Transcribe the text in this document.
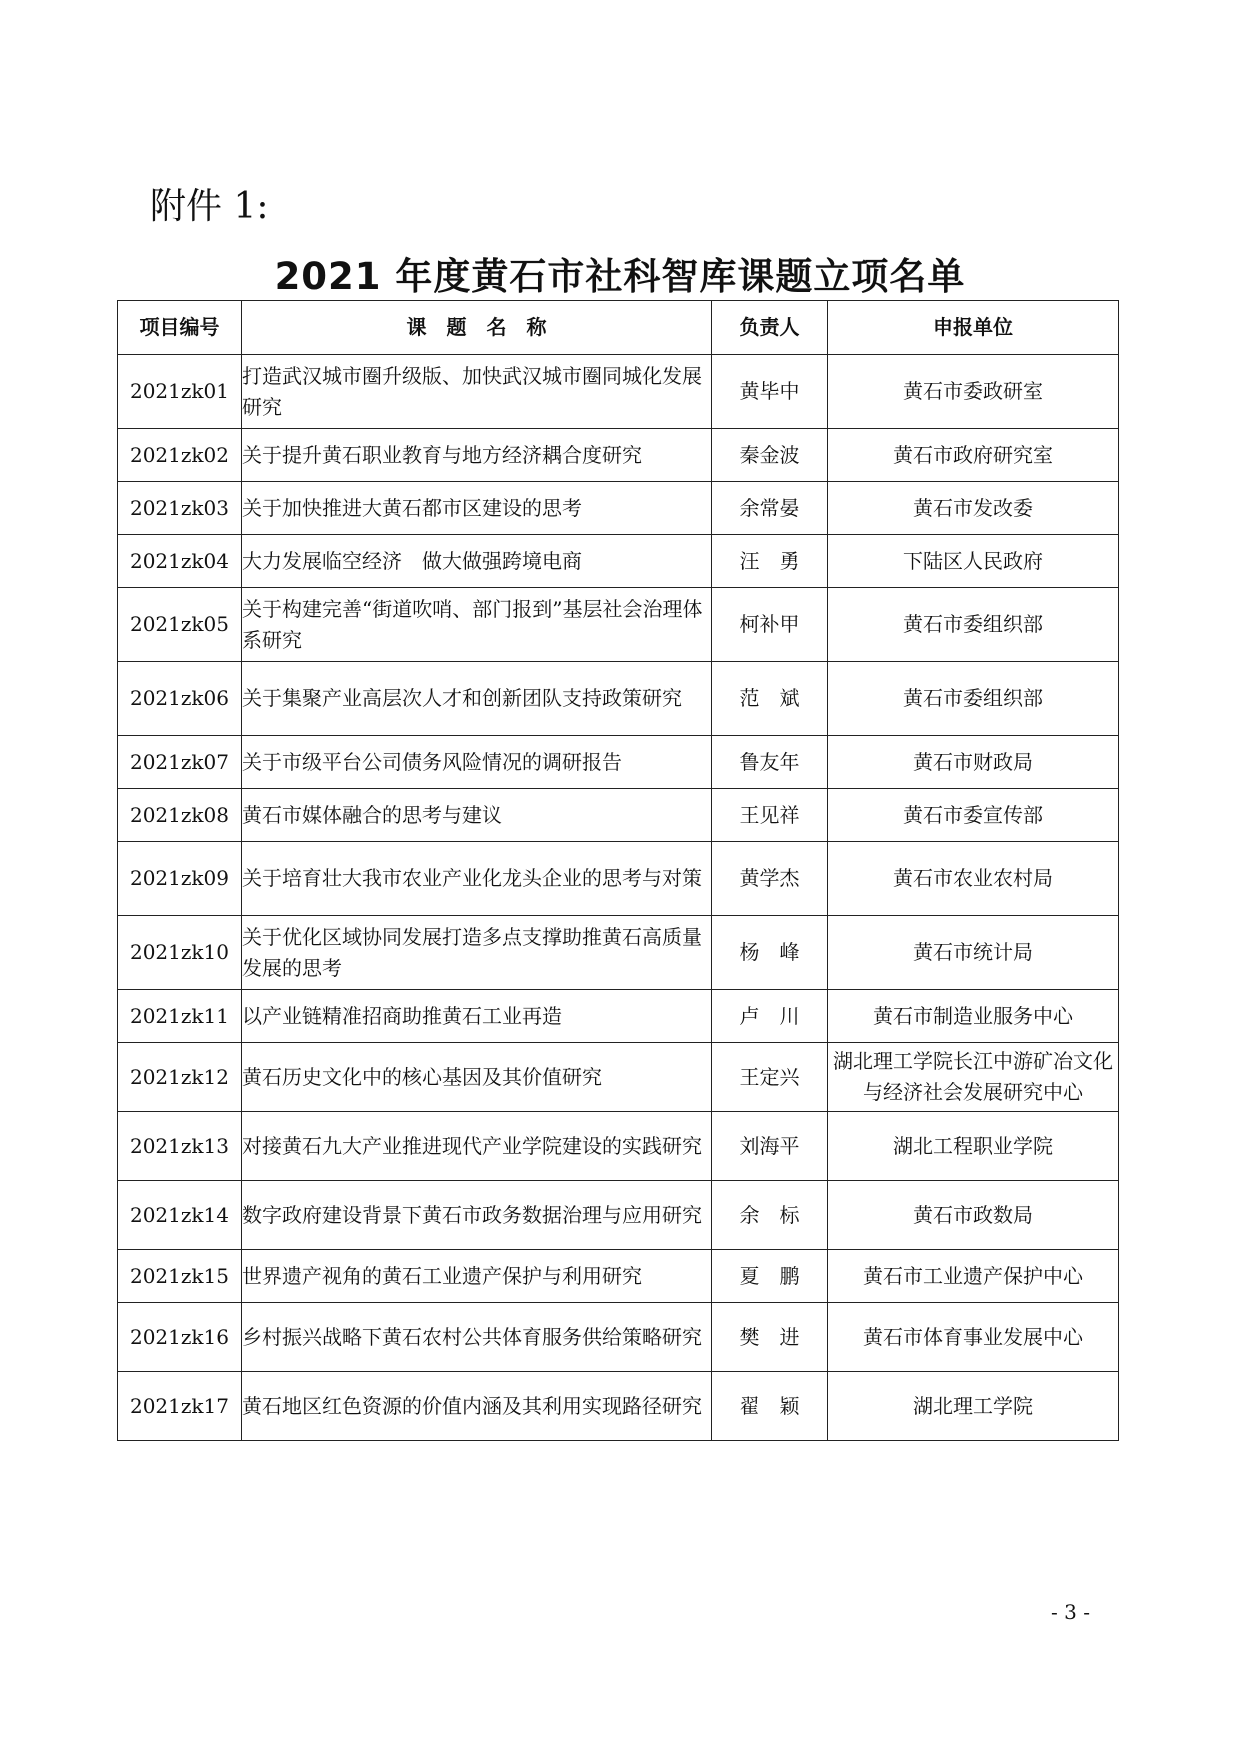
附件 1:
2021 年度黄石市社科智库课题立项名单
项目编号	课　题　名　称	负责人	申报单位
2021zk01	打造武汉城市圈升级版、加快武汉城市圈同城化发展研究	黄毕中	黄石市委政研室
2021zk02	关于提升黄石职业教育与地方经济耦合度研究	秦金波	黄石市政府研究室
2021zk03	关于加快推进大黄石都市区建设的思考	余常晏	黄石市发改委
2021zk04	大力发展临空经济　做大做强跨境电商	汪　勇	下陆区人民政府
2021zk05	关于构建完善“街道吹哨、部门报到”基层社会治理体系研究	柯补甲	黄石市委组织部
2021zk06	关于集聚产业高层次人才和创新团队支持政策研究	范　斌	黄石市委组织部
2021zk07	关于市级平台公司债务风险情况的调研报告	鲁友年	黄石市财政局
2021zk08	黄石市媒体融合的思考与建议	王见祥	黄石市委宣传部
2021zk09	关于培育壮大我市农业产业化龙头企业的思考与对策	黄学杰	黄石市农业农村局
2021zk10	关于优化区域协同发展打造多点支撑助推黄石高质量发展的思考	杨　峰	黄石市统计局
2021zk11	以产业链精准招商助推黄石工业再造	卢　川	黄石市制造业服务中心
2021zk12	黄石历史文化中的核心基因及其价值研究	王定兴	湖北理工学院长江中游矿冶文化与经济社会发展研究中心
2021zk13	对接黄石九大产业推进现代产业学院建设的实践研究	刘海平	湖北工程职业学院
2021zk14	数字政府建设背景下黄石市政务数据治理与应用研究	余　标	黄石市政数局
2021zk15	世界遗产视角的黄石工业遗产保护与利用研究	夏　鹏	黄石市工业遗产保护中心
2021zk16	乡村振兴战略下黄石农村公共体育服务供给策略研究	樊　进	黄石市体育事业发展中心
2021zk17	黄石地区红色资源的价值内涵及其利用实现路径研究	翟　颖	湖北理工学院
- 3 -
